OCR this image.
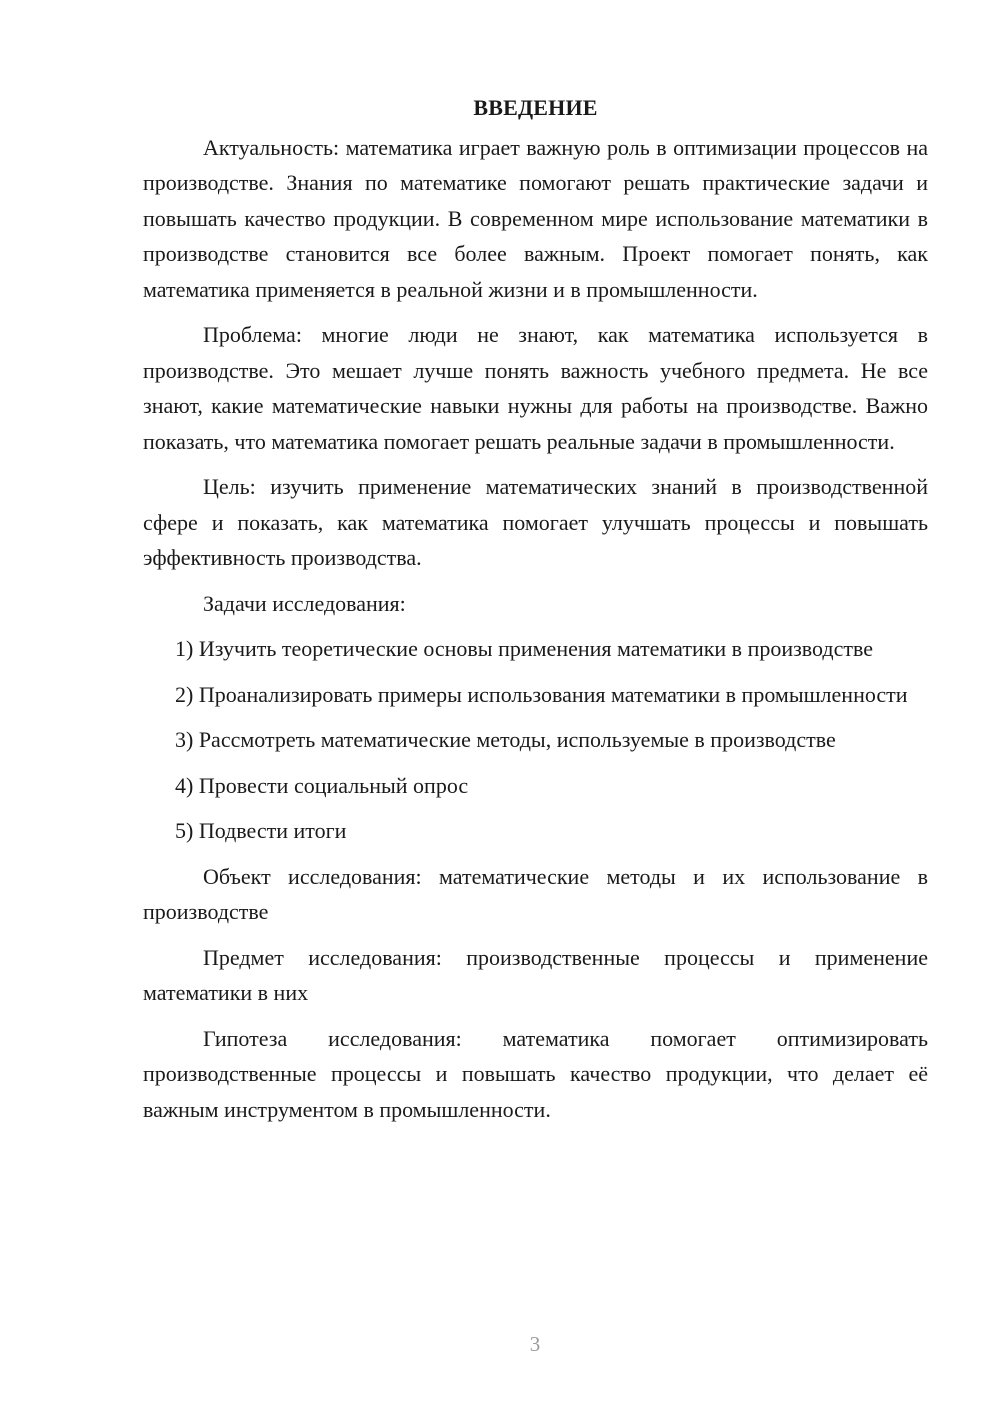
ВВЕДЕНИЕ

Актуальность: математика играет важную роль в оптимизации процессов на производстве. Знания по математике помогают решать практические задачи и повышать качество продукции. В современном мире использование математики в производстве становится все более важным. Проект помогает понять, как математика применяется в реальной жизни и в промышленности.

Проблема: многие люди не знают, как математика используется в производстве. Это мешает лучше понять важность учебного предмета. Не все знают, какие математические навыки нужны для работы на производстве. Важно показать, что математика помогает решать реальные задачи в промышленности.

Цель: изучить применение математических знаний в производственной сфере и показать, как математика помогает улучшать процессы и повышать эффективность производства.

Задачи исследования:

1) Изучить теоретические основы применения математики в производстве

2) Проанализировать примеры использования математики в промышленности

3) Рассмотреть математические методы, используемые в производстве

4) Провести социальный опрос

5) Подвести итоги

Объект исследования: математические методы и их использование в производстве

Предмет исследования: производственные процессы и применение математики в них

Гипотеза исследования: математика помогает оптимизировать производственные процессы и повышать качество продукции, что делает её важным инструментом в промышленности.

3
